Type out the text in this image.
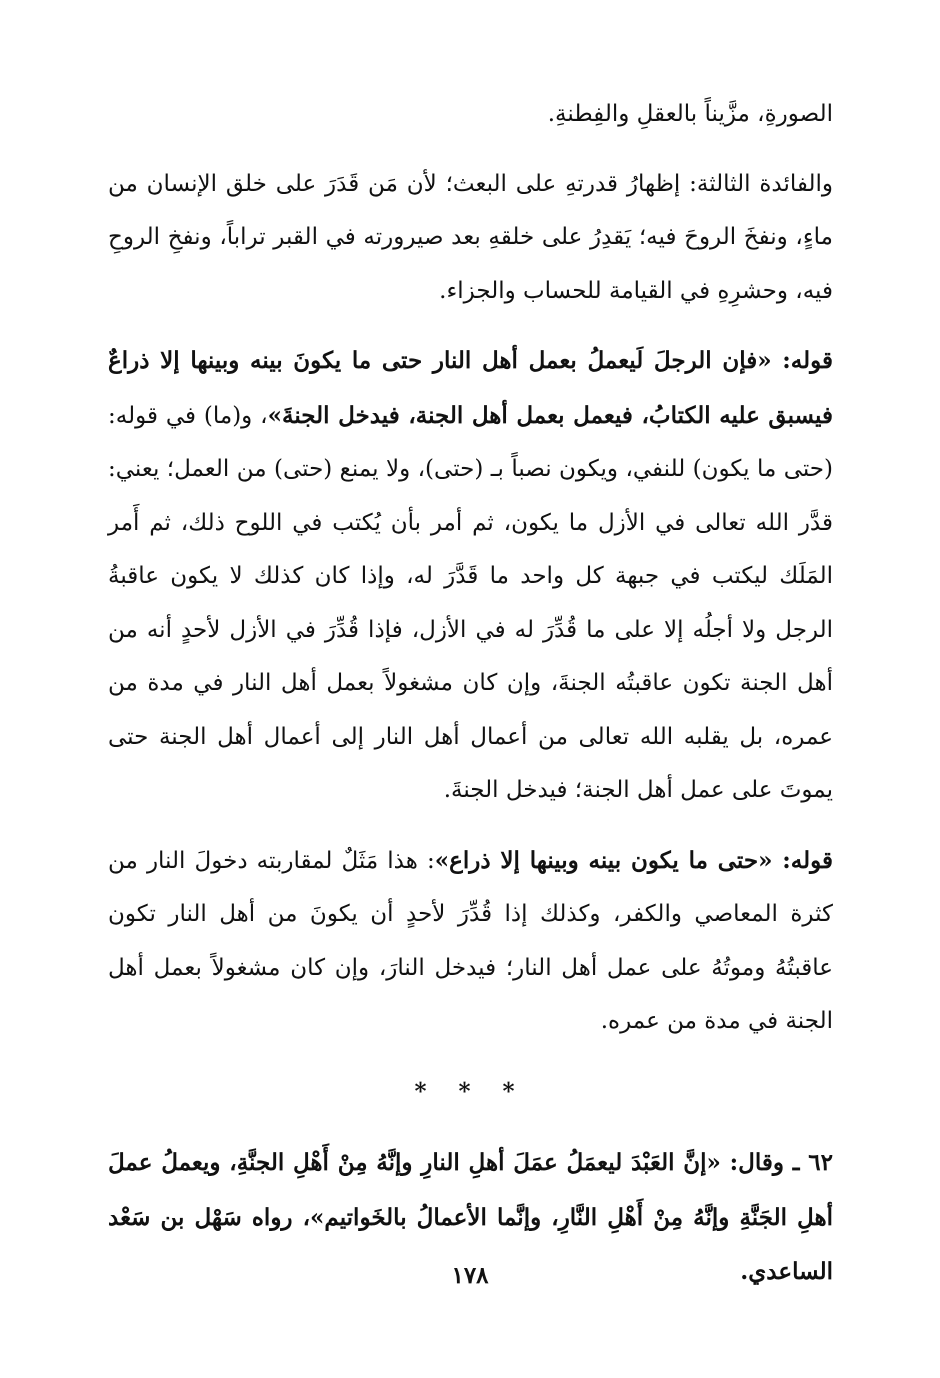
الصورةِ، مزَّيناً بالعقلِ والفِطنةِ.

والفائدة الثالثة: إظهارُ قدرتهِ على البعث؛ لأن مَن قَدَرَ على خلق الإنسان من ماءٍ، ونفخَ الروحَ فيه؛ يَقدِرُ على خلقهِ بعد صيرورته في القبر تراباً، ونفخِ الروحِ فيه، وحشرِهِ في القيامة للحساب والجزاء.

قوله: «فإن الرجلَ لَيعملُ بعمل أهل النار حتى ما يكونَ بينه وبينها إلا ذراعٌ فيسبق عليه الكتابُ، فيعمل بعمل أهل الجنة، فيدخل الجنةَ»، و(ما) في قوله: (حتى ما يكون) للنفي، ويكون نصباً بـ (حتى)، ولا يمنع (حتى) من العمل؛ يعني: قدَّر الله تعالى في الأزل ما يكون، ثم أمر بأن يُكتب في اللوح ذلك، ثم أَمر المَلَك ليكتب في جبهة كل واحد ما قَدَّرَ له، وإذا كان كذلك لا يكون عاقبةُ الرجل ولا أجلُه إلا على ما قُدِّرَ له في الأزل، فإذا قُدِّرَ في الأزل لأحدٍ أنه من أهل الجنة تكون عاقبتُه الجنةَ، وإن كان مشغولاً بعمل أهل النار في مدة من عمره، بل يقلبه الله تعالى من أعمال أهل النار إلى أعمال أهل الجنة حتى يموتَ على عمل أهل الجنة؛ فيدخل الجنةَ.

قوله: «حتى ما يكون بينه وبينها إلا ذراع»: هذا مَثَلٌ لمقاربته دخولَ النار من كثرة المعاصي والكفر، وكذلك إذا قُدِّرَ لأحدٍ أن يكونَ من أهل النار تكون عاقبتُهُ وموتُهُ على عمل أهل النار؛ فيدخل النارَ، وإن كان مشغولاً بعمل أهل الجنة في مدة من عمره.

* * *

٦٢ ـ وقال: «إنَّ العَبْدَ ليعمَلُ عمَلَ أهلِ النارِ وإنَّهُ مِنْ أَهْلِ الجنَّةِ، ويعملُ عملَ أهلِ الجَنَّةِ وإنَّهُ مِنْ أَهْلِ النَّارِ، وإنَّما الأعمالُ بالخَواتيم»، رواه سَهْل بن سَعْد الساعدي.

١٧٨
